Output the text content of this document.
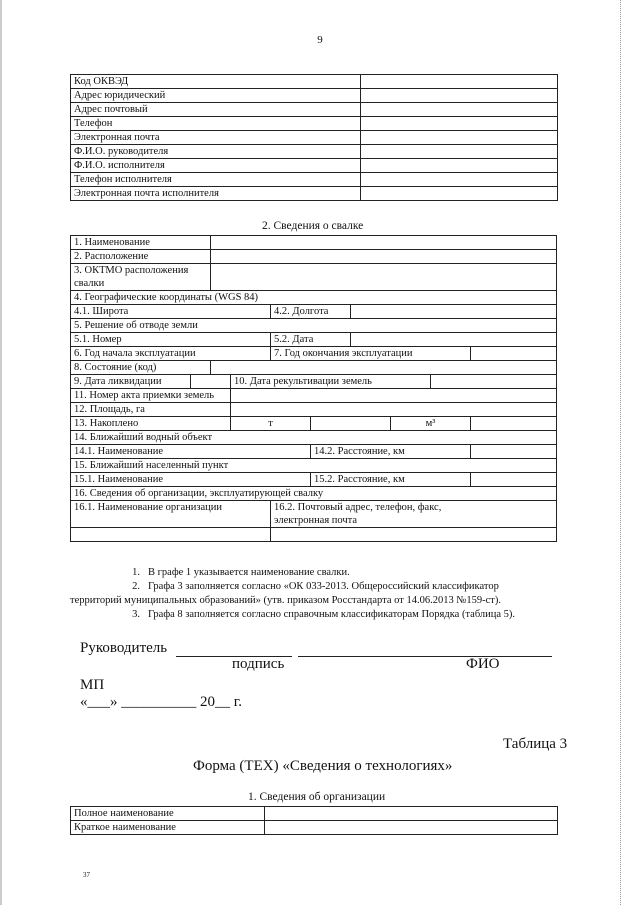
9
Код ОКВЭД	
Адрес юридический	
Адрес почтовый	
Телефон	
Электронная почта	
Ф.И.О. руководителя	
Ф.И.О. исполнителя	
Телефон исполнителя	
Электронная почта исполнителя	
2. Сведения о свалке
1. Наименование									
2. Расположение									

3. ОКТМО расположения
свалки									

4. Географические координаты (WGS 84)									
4.1. Широта				4.2. Долгота					
5. Решение об отводе земли									
5.1. Номер				5.2. Дата					
6. Год начала эксплуатации				7. Год окончания эксплуатации					
8. Состояние (код)									
9. Дата ликвидации			10. Дата рекультивации земель						
11. Номер акта приемки земель									
12. Площадь, га									
13. Накоплено			т				м³		
14. Ближайший водный объект									
14.1. Наименование					14.2. Расстояние, км				
15. Ближайший населенный пункт									
15.1. Наименование					15.2. Расстояние, км				
16. Сведения об организации, эксплуатирующей свалку									
16.1. Наименование организации				16.2. Почтовый адрес, телефон, факс,
электронная почта					

1. В графе 1 указывается наименование свалки.
2. Графа 3 заполняется согласно «ОК 033-2013. Общероссийский классификатор
территорий муниципальных образований» (утв. приказом Росстандарта от 14.06.2013 №159-ст).
3. Графа 8 заполняется согласно справочным классификаторам Порядка (таблица 5).
Руководитель
подпись	ФИО
МП
«___» __________ 20__ г.
Таблица 3
Форма (ТЕХ) «Сведения о технологиях»
1. Сведения об организации
Полное наименование	
Краткое наименование	
37
